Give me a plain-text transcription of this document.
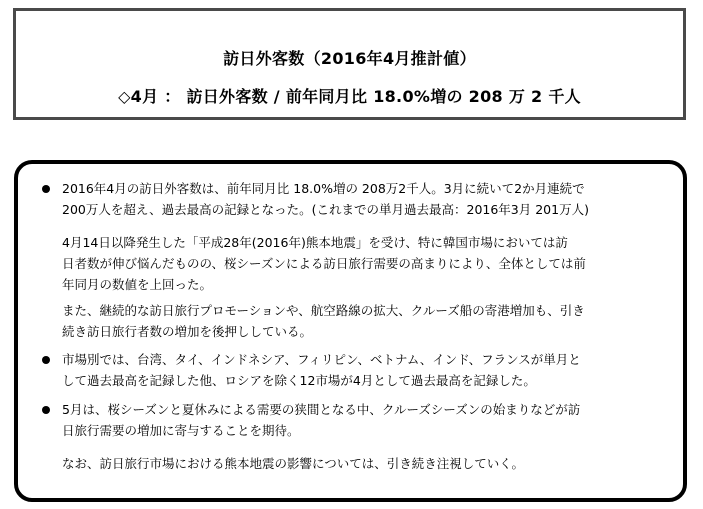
訪日外客数（2016年4月推計値）
◇4月 ： 訪日外客数 / 前年同月比 18.0%増の 208 万 2 千人
2016年4月の訪日外客数は、前年同月比 18.0%増の 208万2千人。3月に続いて2か月連続で
200万人を超え、過去最高の記録となった。(これまでの単月過去最高：2016年3月 201万人)
4月14日以降発生した「平成28年(2016年)熊本地震」を受け、特に韓国市場においては訪
日者数が伸び悩んだものの、桜シーズンによる訪日旅行需要の高まりにより、全体としては前
年同月の数値を上回った。
また、継続的な訪日旅行プロモーションや、航空路線の拡大、クルーズ船の寄港増加も、引き
続き訪日旅行者数の増加を後押ししている。
市場別では、台湾、タイ、インドネシア、フィリピン、ベトナム、インド、フランスが単月と
して過去最高を記録した他、ロシアを除く12市場が4月として過去最高を記録した。
5月は、桜シーズンと夏休みによる需要の狭間となる中、クルーズシーズンの始まりなどが訪
日旅行需要の増加に寄与することを期待。
なお、訪日旅行市場における熊本地震の影響については、引き続き注視していく。
